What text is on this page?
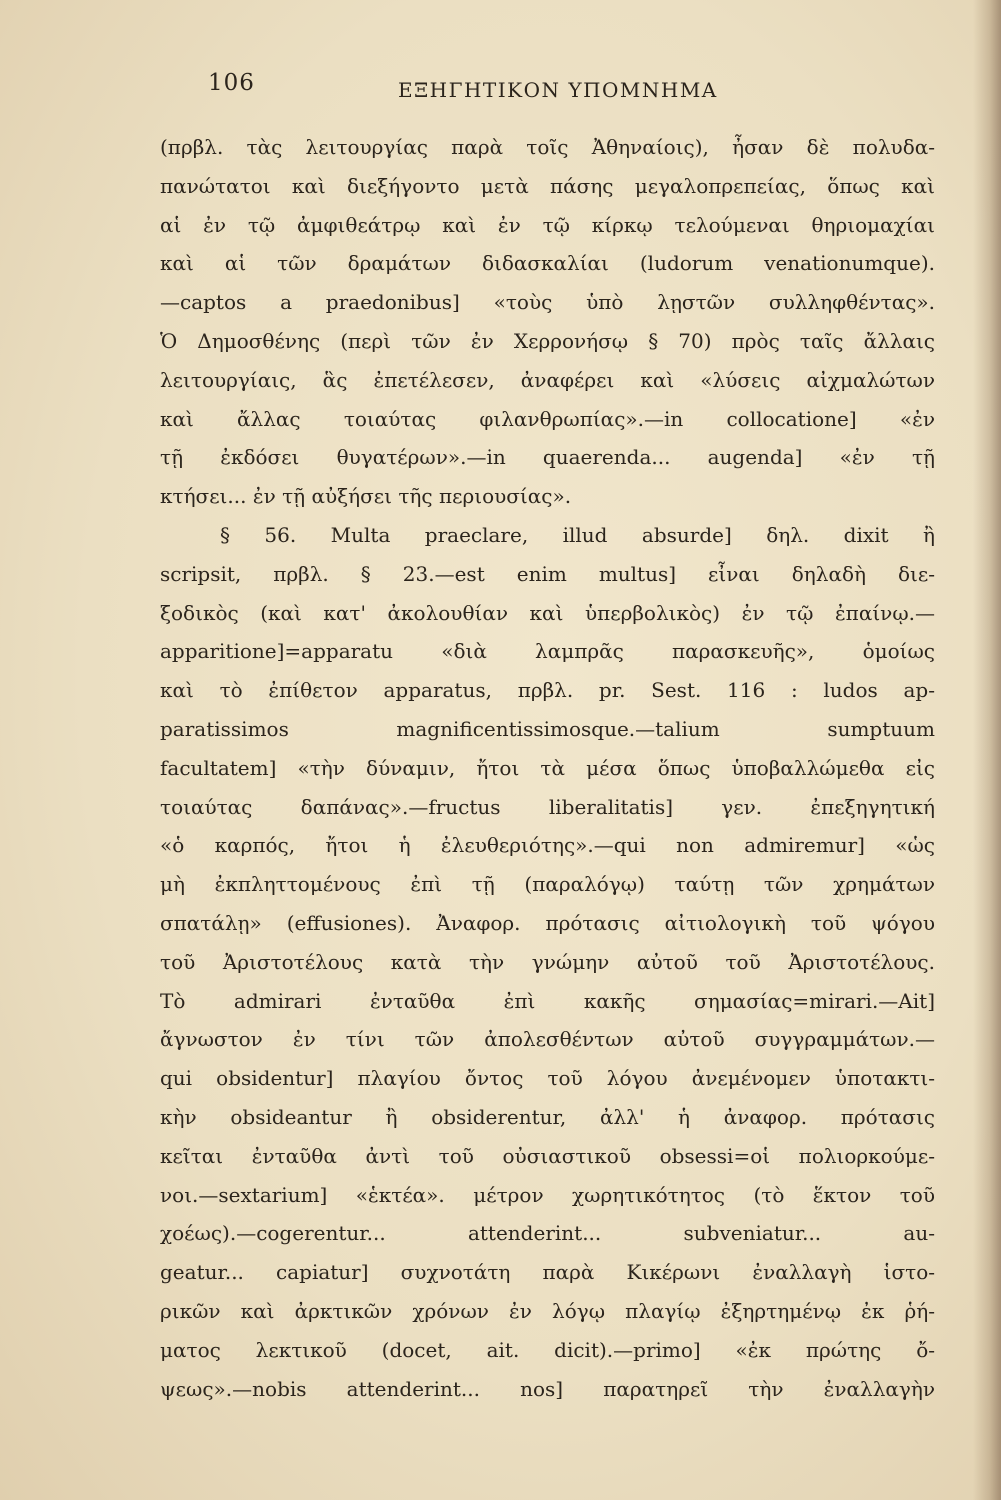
106	ΕΞΗΓΗΤΙΚΟΝ ΥΠΟΜΝΗΜΑ
(πρβλ. τὰς λειτουργίας παρὰ τοῖς Ἀθηναίοις), ἦσαν δὲ πολυδα-
πανώτατοι καὶ διεξήγοντο μετὰ πάσης μεγαλοπρεπείας, ὅπως καὶ
αἱ ἐν τῷ ἀμφιθεάτρῳ καὶ ἐν τῷ κίρκῳ τελούμεναι θηριομαχίαι
καὶ αἱ τῶν δραμάτων διδασκαλίαι (ludorum venationumque).
—captos a praedonibus] «τοὺς ὑπὸ λῃστῶν συλληφθέντας».
Ὁ Δημοσθένης (περὶ τῶν ἐν Χερρονήσῳ § 70) πρὸς ταῖς ἄλλαις
λειτουργίαις, ἃς ἐπετέλεσεν, ἀναφέρει καὶ «λύσεις αἰχμαλώτων
καὶ ἄλλας τοιαύτας φιλανθρωπίας».—in collocatione] «ἐν
τῇ ἐκδόσει θυγατέρων».—in quaerenda... augenda] «ἐν τῇ
κτήσει... ἐν τῇ αὐξήσει τῆς περιουσίας».
§ 56. Multa praeclare, illud absurde] δηλ. dixit ἢ
scripsit, πρβλ. § 23.—est enim multus] εἶναι δηλαδὴ διε-
ξοδικὸς (καὶ κατ' ἀκολουθίαν καὶ ὑπερβολικὸς) ἐν τῷ ἐπαίνῳ.—
apparitione]=apparatu «διὰ λαμπρᾶς παρασκευῆς», ὁμοίως
καὶ τὸ ἐπίθετον apparatus, πρβλ. pr. Sest. 116 : ludos ap-
paratissimos magnificentissimosque.—talium sumptuum
facultatem] «τὴν δύναμιν, ἤτοι τὰ μέσα ὅπως ὑποβαλλώμεθα εἰς
τοιαύτας δαπάνας».—fructus liberalitatis] γεν. ἐπεξηγητική
«ὁ καρπός, ἤτοι ἡ ἐλευθεριότης».—qui non admiremur] «ὡς
μὴ ἐκπληττομένους ἐπὶ τῇ (παραλόγῳ) ταύτῃ τῶν χρημάτων
σπατάλῃ» (effusiones). Ἀναφορ. πρότασις αἰτιολογικὴ τοῦ ψόγου
τοῦ Ἀριστοτέλους κατὰ τὴν γνώμην αὐτοῦ τοῦ Ἀριστοτέλους.
Τὸ admirari ἐνταῦθα ἐπὶ κακῆς σημασίας=mirari.—Ait]
ἄγνωστον ἐν τίνι τῶν ἀπολεσθέντων αὐτοῦ συγγραμμάτων.—
qui obsidentur] πλαγίου ὄντος τοῦ λόγου ἀνεμένομεν ὑποτακτι-
κὴν obsideantur ἢ obsiderentur, ἀλλ' ἡ ἀναφορ. πρότασις
κεῖται ἐνταῦθα ἀντὶ τοῦ οὐσιαστικοῦ obsessi=οἱ πολιορκούμε-
νοι.—sextarium] «ἑκτέα». μέτρον χωρητικότητος (τὸ ἕκτον τοῦ
χοέως).—cogerentur... attenderint... subveniatur... au-
geatur... capiatur] συχνοτάτη παρὰ Κικέρωνι ἐναλλαγὴ ἱστο-
ρικῶν καὶ ἀρκτικῶν χρόνων ἐν λόγῳ πλαγίῳ ἐξηρτημένῳ ἐκ ῥή-
ματος λεκτικοῦ (docet, ait. dicit).—primo] «ἐκ πρώτης ὄ-
ψεως».—nobis attenderint... nos] παρατηρεῖ τὴν ἐναλλαγὴν
